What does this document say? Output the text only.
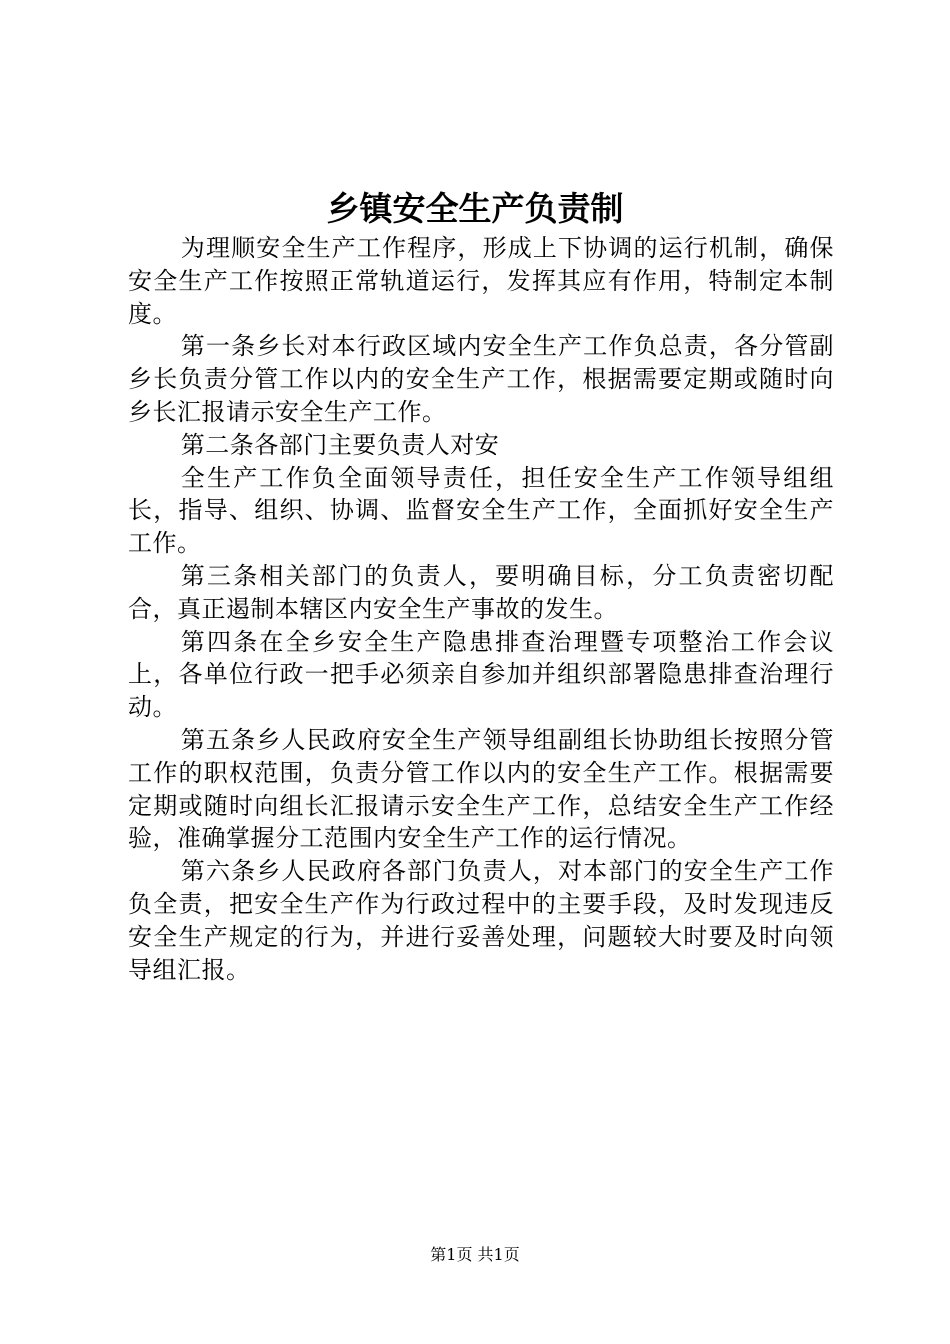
乡镇安全生产负责制

为理顺安全生产工作程序，形成上下协调的运行机制，确保安全生产工作按照正常轨道运行，发挥其应有作用，特制定本制度。

第一条乡长对本行政区域内安全生产工作负总责，各分管副乡长负责分管工作以内的安全生产工作，根据需要定期或随时向乡长汇报请示安全生产工作。

第二条各部门主要负责人对安

全生产工作负全面领导责任，担任安全生产工作领导组组长，指导、组织、协调、监督安全生产工作，全面抓好安全生产工作。

第三条相关部门的负责人，要明确目标，分工负责密切配合，真正遏制本辖区内安全生产事故的发生。

第四条在全乡安全生产隐患排查治理暨专项整治工作会议上，各单位行政一把手必须亲自参加并组织部署隐患排查治理行动。

第五条乡人民政府安全生产领导组副组长协助组长按照分管工作的职权范围，负责分管工作以内的安全生产工作。根据需要定期或随时向组长汇报请示安全生产工作，总结安全生产工作经验，准确掌握分工范围内安全生产工作的运行情况。

第六条乡人民政府各部门负责人，对本部门的安全生产工作负全责，把安全生产作为行政过程中的主要手段，及时发现违反安全生产规定的行为，并进行妥善处理，问题较大时要及时向领导组汇报。

第1页 共1页
